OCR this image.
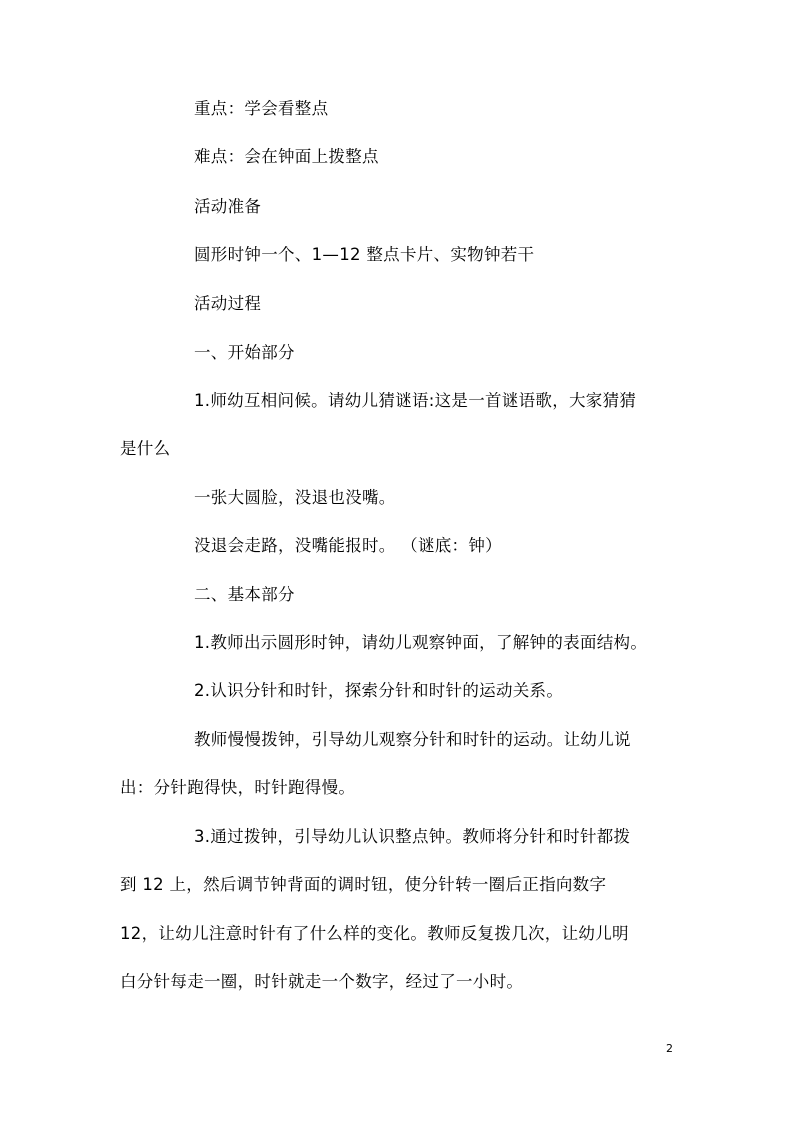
重点：学会看整点
难点：会在钟面上拨整点
活动准备
圆形时钟一个、1—12 整点卡片、实物钟若干
活动过程
一、开始部分
1.师幼互相问候。请幼儿猜谜语:这是一首谜语歌，大家猜猜
是什么
一张大圆脸，没退也没嘴。
没退会走路，没嘴能报时。 （谜底：钟）
二、基本部分
1.教师出示圆形时钟，请幼儿观察钟面，了解钟的表面结构。
2.认识分针和时针，探索分针和时针的运动关系。
教师慢慢拨钟，引导幼儿观察分针和时针的运动。让幼儿说
出：分针跑得快，时针跑得慢。
3.通过拨钟，引导幼儿认识整点钟。教师将分针和时针都拨
到 12 上，然后调节钟背面的调时钮，使分针转一圈后正指向数字
12，让幼儿注意时针有了什么样的变化。教师反复拨几次，让幼儿明
白分针每走一圈，时针就走一个数字，经过了一小时。
2
